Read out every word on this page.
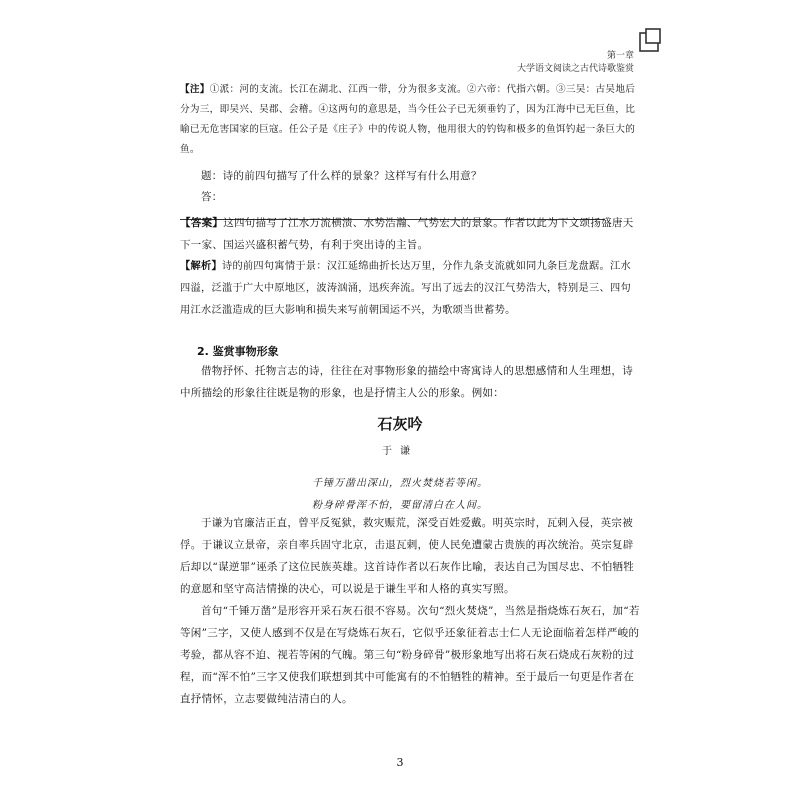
第一章
大学语文阅读之古代诗歌鉴赏
【注】①派：河的支流。长江在湖北、江西一带，分为很多支流。②六帝：代指六朝。③三吴：古吴地后分为三，即吴兴、吴郡、会稽。④这两句的意思是，当今任公子已无须垂钓了，因为江海中已无巨鱼，比喻已无危害国家的巨寇。任公子是《庄子》中的传说人物，他用很大的钓钩和极多的鱼饵钓起一条巨大的鱼。
题：诗的前四句描写了什么样的景象？这样写有什么用意？
答：
【答案】这四句描写了江水万流横溃、水势浩瀚、气势宏大的景象。作者以此为下文颂扬盛唐天下一家、国运兴盛积蓄气势，有利于突出诗的主旨。
【解析】诗的前四句寓情于景：汉江延绵曲折长达万里，分作九条支流就如同九条巨龙盘踞。江水四溢，泛滥于广大中原地区，波涛汹涌，迅疾奔流。写出了远去的汉江气势浩大，特别是三、四句用江水泛滥造成的巨大影响和损失来写前朝国运不兴，为歌颂当世蓄势。
2. 鉴赏事物形象
借物抒怀、托物言志的诗，往往在对事物形象的描绘中寄寓诗人的思想感情和人生理想，诗中所描绘的形象往往既是物的形象，也是抒情主人公的形象。例如：
石灰吟
于谦
千锤万凿出深山，烈火焚烧若等闲。
粉身碎骨浑不怕，要留清白在人间。
于谦为官廉洁正直，曾平反冤狱，救灾赈荒，深受百姓爱戴。明英宗时，瓦剌入侵，英宗被俘。于谦议立景帝，亲自率兵固守北京，击退瓦剌，使人民免遭蒙古贵族的再次统治。英宗复辟后却以“谋逆罪”诬杀了这位民族英雄。这首诗作者以石灰作比喻，表达自己为国尽忠、不怕牺牲的意愿和坚守高洁情操的决心，可以说是于谦生平和人格的真实写照。
首句“千锤万凿”是形容开采石灰石很不容易。次句“烈火焚烧”，当然是指烧炼石灰石，加“若等闲”三字，又使人感到不仅是在写烧炼石灰石，它似乎还象征着志士仁人无论面临着怎样严峻的考验，都从容不迫、视若等闲的气魄。第三句“粉身碎骨”极形象地写出将石灰石烧成石灰粉的过程，而“浑不怕”三字又使我们联想到其中可能寓有的不怕牺牲的精神。至于最后一句更是作者在直抒情怀，立志要做纯洁清白的人。
3
